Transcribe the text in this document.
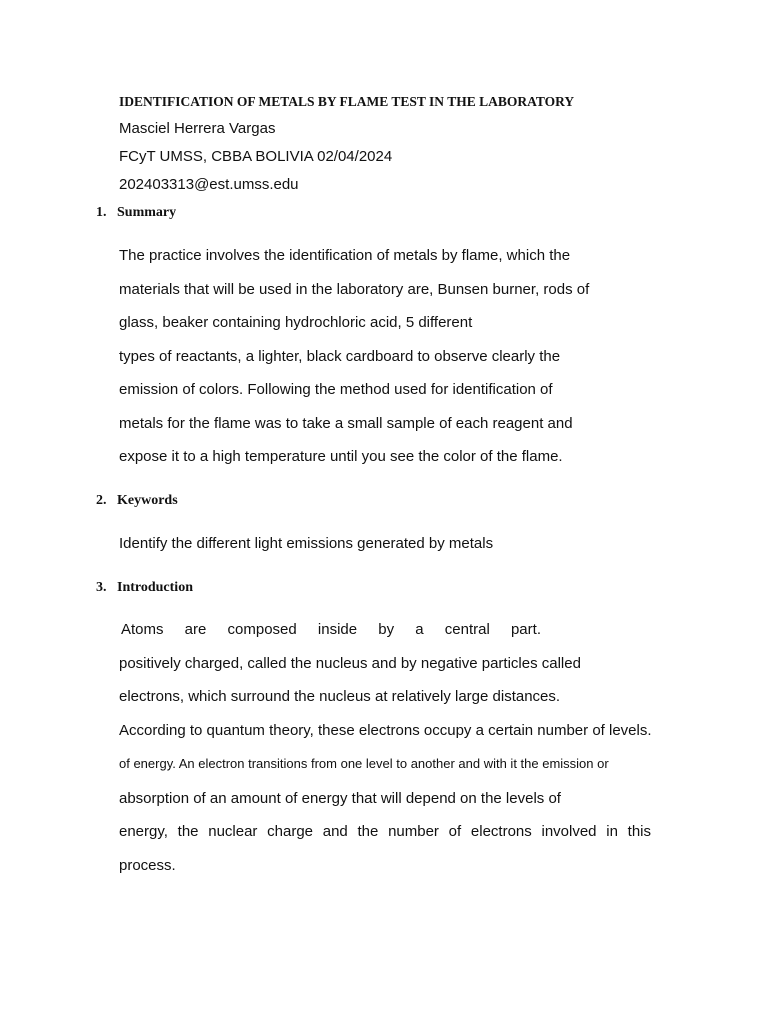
IDENTIFICATION OF METALS BY FLAME TEST IN THE LABORATORY
Masciel Herrera Vargas
FCyT UMSS, CBBA BOLIVIA 02/04/2024
202403313@est.umss.edu
1. Summary
The practice involves the identification of metals by flame, which the
materials that will be used in the laboratory are, Bunsen burner, rods of
glass, beaker containing hydrochloric acid, 5 different
types of reactants, a lighter, black cardboard to observe clearly the
emission of colors. Following the method used for identification of
metals for the flame was to take a small sample of each reagent and
expose it to a high temperature until you see the color of the flame.
2. Keywords
Identify the different light emissions generated by metals
3. Introduction
Atoms are composed inside by a central part.
positively charged, called the nucleus and by negative particles called
electrons, which surround the nucleus at relatively large distances.
According to quantum theory, these electrons occupy a certain number of levels.
of energy. An electron transitions from one level to another and with it the emission or
absorption of an amount of energy that will depend on the levels of
energy, the nuclear charge and the number of electrons involved in this
process.
